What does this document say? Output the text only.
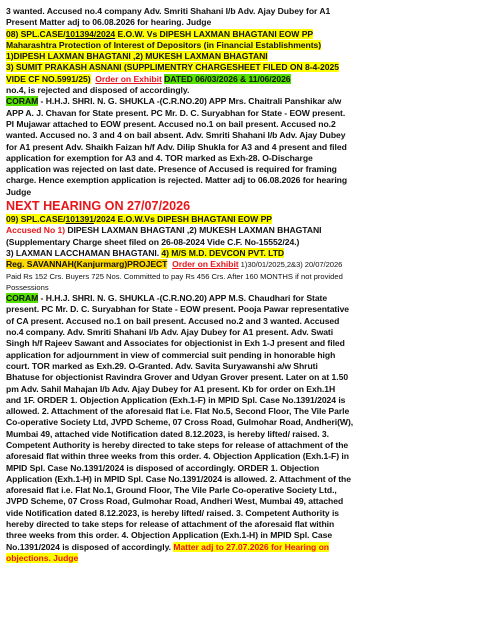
3 wanted. Accused no.4 company Adv. Smriti Shahani I/b Adv. Ajay Dubey for A1
Present Matter adj to 06.08.2026 for hearing. Judge
08) SPL.CASE/101394/2024 E.O.W. Vs DIPESH LAXMAN BHAGTANI EOW PP
Maharashtra Protection of Interest of Depositors (in Financial Establishments)
1)DIPESH LAXMAN BHAGTANI ,2) MUKESH LAXMAN BHAGTANI
3) SUMIT PRAKASH ASNANI (SUPPLIMENTRY CHARGESHEET FILED ON 8-4-2025
VIDE CF NO.5991/25) Order on Exhibit DATED 06/03/2026 & 11/06/2026
no.4, is rejected and disposed of accordingly.
CORAM - H.H.J. SHRI. N. G. SHUKLA -(C.R.NO.20) APP Mrs. Chaitrali Panshikar a/w
APP A. J. Chavan for State present. PC Mr. D. C. Suryabhan for State - EOW present.
PI Mujawar attached to EOW present. Accused no.1 on bail present. Accused no.2
wanted. Accused no. 3 and 4 on bail absent. Adv. Smriti Shahani I/b Adv. Ajay Dubey
for A1 present Adv. Shaikh Faizan h/f Adv. Dilip Shukla for A3 and 4 present and filed
application for exemption for A3 and 4. TOR marked as Exh-28. O-Discharge
application was rejected on last date. Presence of Accused is required for framing
charge. Hence exemption application is rejected. Matter adj to 06.08.2026 for hearing
Judge
NEXT HEARING ON 27/07/2026
09) SPL.CASE/101391/2024 E.O.W.Vs DIPESH BHAGTANI EOW PP
Accused No 1) DIPESH LAXMAN BHAGTANI ,2) MUKESH LAXMAN BHAGTANI
(Supplementary Charge sheet filed on 26-08-2024 Vide C.F. No-15552/24.)
3) LAXMAN LACCHAMAN BHAGTANI. 4) M/S M.D. DEVCON PVT. LTD
Reg. SAVANNAH(Kanjurmarg)PROJECT Order on Exhibit 1)30/01/2025,2&3) 20/07/2026
Paid Rs 152 Crs. Buyers 725 Nos. Committed to pay Rs 456 Crs. After 160 MONTHS if not provided
Possessions
CORAM - H.H.J. SHRI. N. G. SHUKLA -(C.R.NO.20) APP M.S. Chaudhari for State
present. PC Mr. D. C. Suryabhan for State - EOW present. Pooja Pawar representative
of CA present. Accused no.1 on bail present. Accused no.2 and 3 wanted. Accused
no.4 company. Adv. Smriti Shahani I/b Adv. Ajay Dubey for A1 present. Adv. Swati
Singh h/f Rajeev Sawant and Associates for objectionist in Exh 1-J present and filed
application for adjournment in view of commercial suit pending in honorable high
court. TOR marked as Exh.29. O-Granted. Adv. Savita Suryawanshi a/w Shruti
Bhatuse for objectionist Ravindra Grover and Udyan Grover present. Later on at 1.50
pm Adv. Sahil Mahajan I/b Adv. Ajay Dubey for A1 present. Kb for order on Exh.1H
and 1F. ORDER 1. Objection Application (Exh.1-F) in MPID Spl. Case No.1391/2024 is
allowed. 2. Attachment of the aforesaid flat i.e. Flat No.5, Second Floor, The Vile Parle
Co-operative Society Ltd, JVPD Scheme, 07 Cross Road, Gulmohar Road, Andheri(W),
Mumbai 49, attached vide Notification dated 8.12.2023, is hereby lifted/ raised. 3.
Competent Authority is hereby directed to take steps for release of attachment of the
aforesaid flat within three weeks from this order. 4. Objection Application (Exh.1-F) in
MPID Spl. Case No.1391/2024 is disposed of accordingly. ORDER 1. Objection
Application (Exh.1-H) in MPID Spl. Case No.1391/2024 is allowed. 2. Attachment of the
aforesaid flat i.e. Flat No.1, Ground Floor, The Vile Parle Co-operative Society Ltd.,
JVPD Scheme, 07 Cross Road, Gulmohar Road, Andheri West, Mumbai 49, attached
vide Notification dated 8.12.2023, is hereby lifted/ raised. 3. Competent Authority is
hereby directed to take steps for release of attachment of the aforesaid flat within
three weeks from this order. 4. Objection Application (Exh.1-H) in MPID Spl. Case
No.1391/2024 is disposed of accordingly. Matter adj to 27.07.2026 for Hearing on
objections. Judge
